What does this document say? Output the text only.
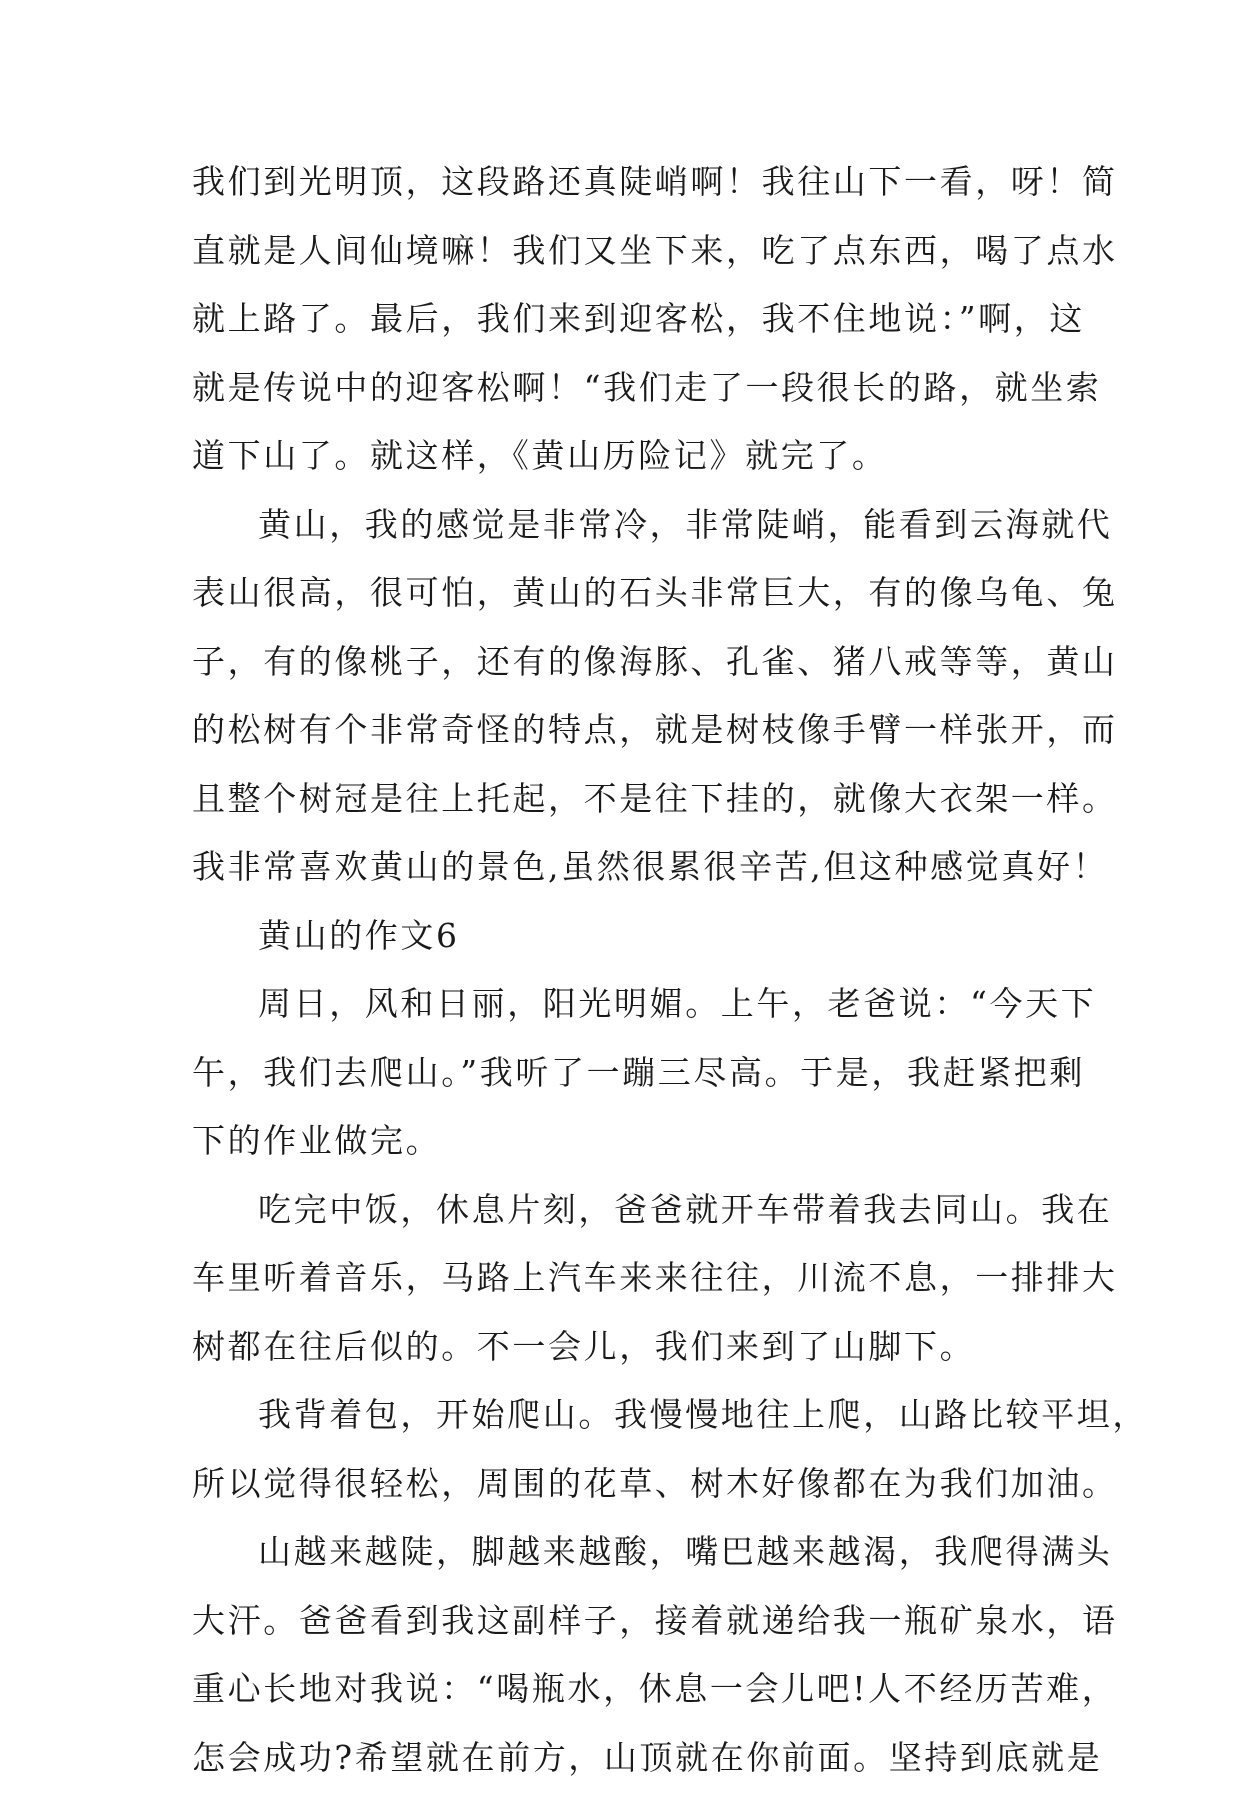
我们到光明顶，这段路还真陡峭啊！我往山下一看，呀！简
直就是人间仙境嘛！我们又坐下来，吃了点东西，喝了点水
就上路了。最后，我们来到迎客松，我不住地说：”啊，这
就是传说中的迎客松啊！“我们走了一段很长的路，就坐索
道下山了。就这样，《黄山历险记》就完了。
黄山，我的感觉是非常冷，非常陡峭，能看到云海就代
表山很高，很可怕，黄山的石头非常巨大，有的像乌龟、兔
子，有的像桃子，还有的像海豚、孔雀、猪八戒等等，黄山
的松树有个非常奇怪的特点，就是树枝像手臂一样张开，而
且整个树冠是往上托起，不是往下挂的，就像大衣架一样。
我非常喜欢黄山的景色,虽然很累很辛苦,但这种感觉真好！
黄山的作文6
周日，风和日丽，阳光明媚。上午，老爸说：“今天下
午，我们去爬山。”我听了一蹦三尽高。于是，我赶紧把剩
下的作业做完。
吃完中饭，休息片刻，爸爸就开车带着我去同山。我在
车里听着音乐，马路上汽车来来往往，川流不息，一排排大
树都在往后似的。不一会儿，我们来到了山脚下。
我背着包，开始爬山。我慢慢地往上爬，山路比较平坦，
所以觉得很轻松，周围的花草、树木好像都在为我们加油。
山越来越陡，脚越来越酸，嘴巴越来越渴，我爬得满头
大汗。爸爸看到我这副样子，接着就递给我一瓶矿泉水，语
重心长地对我说：“喝瓶水，休息一会儿吧!人不经历苦难，
怎会成功?希望就在前方，山顶就在你前面。坚持到底就是
